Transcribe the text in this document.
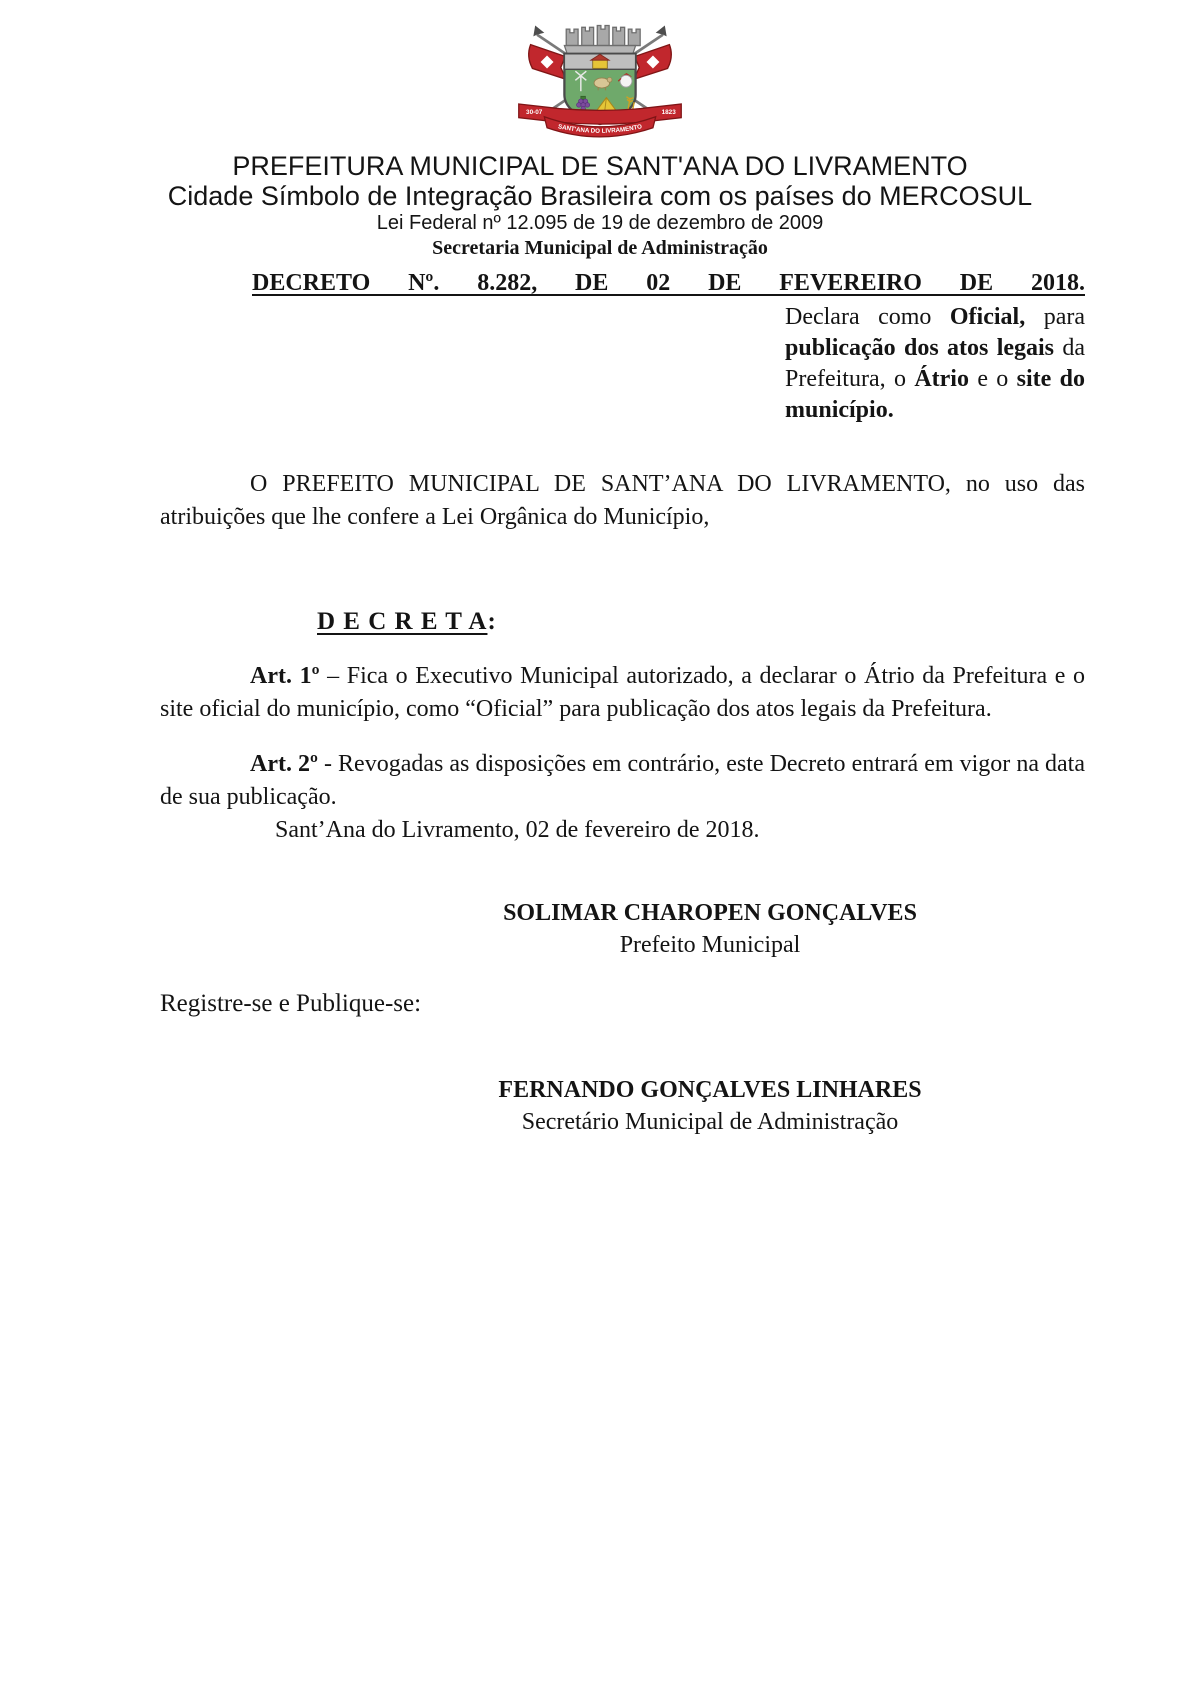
30-07	1823
SANT'ANA DO LIVRAMENTO
PREFEITURA MUNICIPAL DE SANT'ANA DO LIVRAMENTO
Cidade Símbolo de Integração Brasileira com os países do MERCOSUL
Lei Federal nº 12.095 de 19 de dezembro de 2009
Secretaria Municipal de Administração
DECRETO Nº. 8.282, DE 02 DE FEVEREIRO DE 2018.
Declara como Oficial, para publicação dos atos legais da Prefeitura, o Átrio e o site do município.
O PREFEITO MUNICIPAL DE SANT’ANA DO LIVRAMENTO, no uso das atribuições que lhe confere a Lei Orgânica do Município,
D E C R E T A:
Art. 1º – Fica o Executivo Municipal autorizado, a declarar o Átrio da Prefeitura e o site oficial do município, como “Oficial” para publicação dos atos legais da Prefeitura.
Art. 2º - Revogadas as disposições em contrário, este Decreto entrará em vigor na data de sua publicação.
Sant’Ana do Livramento, 02 de fevereiro de 2018.
SOLIMAR CHAROPEN GONÇALVES
Prefeito Municipal
Registre-se e Publique-se:
FERNANDO GONÇALVES LINHARES
Secretário Municipal de Administração
